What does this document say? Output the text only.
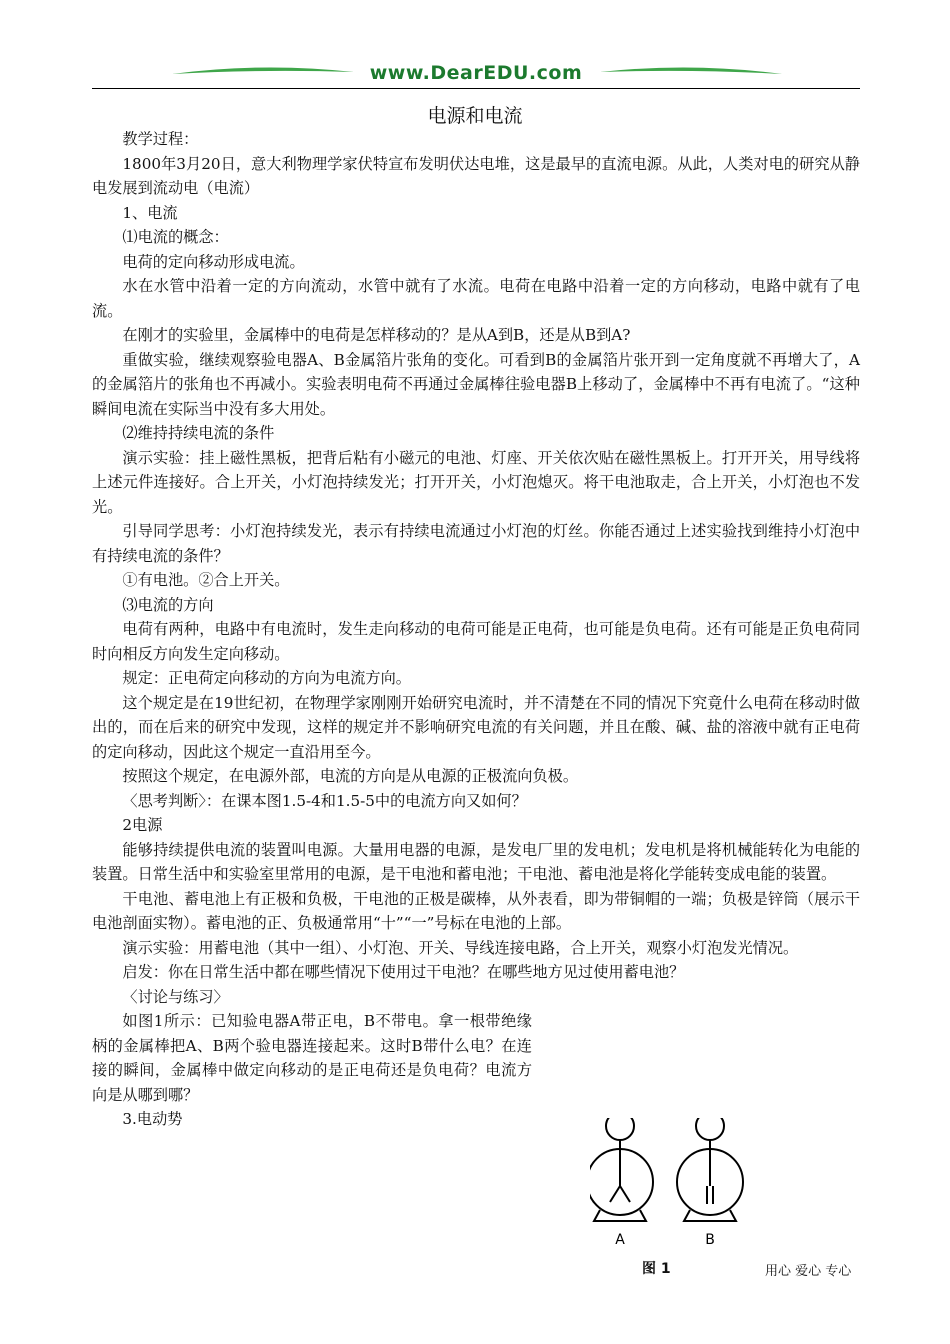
www.DearEDU.com
电源和电流

教学过程：

1800年3月20日，意大利物理学家伏特宣布发明伏达电堆，这是最早的直流电源。从此，人类对电的研究从静电发展到流动电（电流）

1、电流

⑴电流的概念：

电荷的定向移动形成电流。

水在水管中沿着一定的方向流动，水管中就有了水流。电荷在电路中沿着一定的方向移动，电路中就有了电流。

在刚才的实验里，金属棒中的电荷是怎样移动的？是从A到B，还是从B到A?

重做实验，继续观察验电器A、B金属箔片张角的变化。可看到B的金属箔片张开到一定角度就不再增大了，A的金属箔片的张角也不再减小。实验表明电荷不再通过金属棒往验电器B上移动了，金属棒中不再有电流了。“这种瞬间电流在实际当中没有多大用处。

⑵维持持续电流的条件

演示实验：挂上磁性黑板，把背后粘有小磁元的电池、灯座、开关依次贴在磁性黑板上。打开开关，用导线将上述元件连接好。合上开关，小灯泡持续发光；打开开关，小灯泡熄灭。将干电池取走，合上开关，小灯泡也不发光。

引导同学思考：小灯泡持续发光，表示有持续电流通过小灯泡的灯丝。你能否通过上述实验找到维持小灯泡中有持续电流的条件？

①有电池。②合上开关。

⑶电流的方向

电荷有两种，电路中有电流时，发生走向移动的电荷可能是正电荷，也可能是负电荷。还有可能是正负电荷同时向相反方向发生定向移动。

规定：正电荷定向移动的方向为电流方向。

这个规定是在19世纪初，在物理学家刚刚开始研究电流时，并不清楚在不同的情况下究竟什么电荷在移动时做出的，而在后来的研究中发现，这样的规定并不影响研究电流的有关问题，并且在酸、碱、盐的溶液中就有正电荷的定向移动，因此这个规定一直沿用至今。

按照这个规定，在电源外部，电流的方向是从电源的正极流向负极。

〈思考判断〉：在课本图1.5-4和1.5-5中的电流方向又如何？

2电源

能够持续提供电流的装置叫电源。大量用电器的电源，是发电厂里的发电机；发电机是将机械能转化为电能的装置。日常生活中和实验室里常用的电源，是干电池和蓄电池；干电池、蓄电池是将化学能转变成电能的装置。

干电池、蓄电池上有正极和负极，干电池的正极是碳棒，从外表看，即为带铜帽的一端；负极是锌筒（展示干电池剖面实物）。蓄电池的正、负极通常用“十”“一”号标在电池的上部。

演示实验：用蓄电池（其中一组）、小灯泡、开关、导线连接电路，合上开关，观察小灯泡发光情况。

启发：你在日常生活中都在哪些情况下使用过干电池？在哪些地方见过使用蓄电池？

〈讨论与练习〉

如图1所示：已知验电器A带正电，B不带电。拿一根带绝缘柄的金属棒把A、B两个验电器连接起来。这时B带什么电？在连接的瞬间，金属棒中做定向移动的是正电荷还是负电荷？电流方向是从哪到哪？

3.电动势

A	B
图 1	用心 爱心 专心
